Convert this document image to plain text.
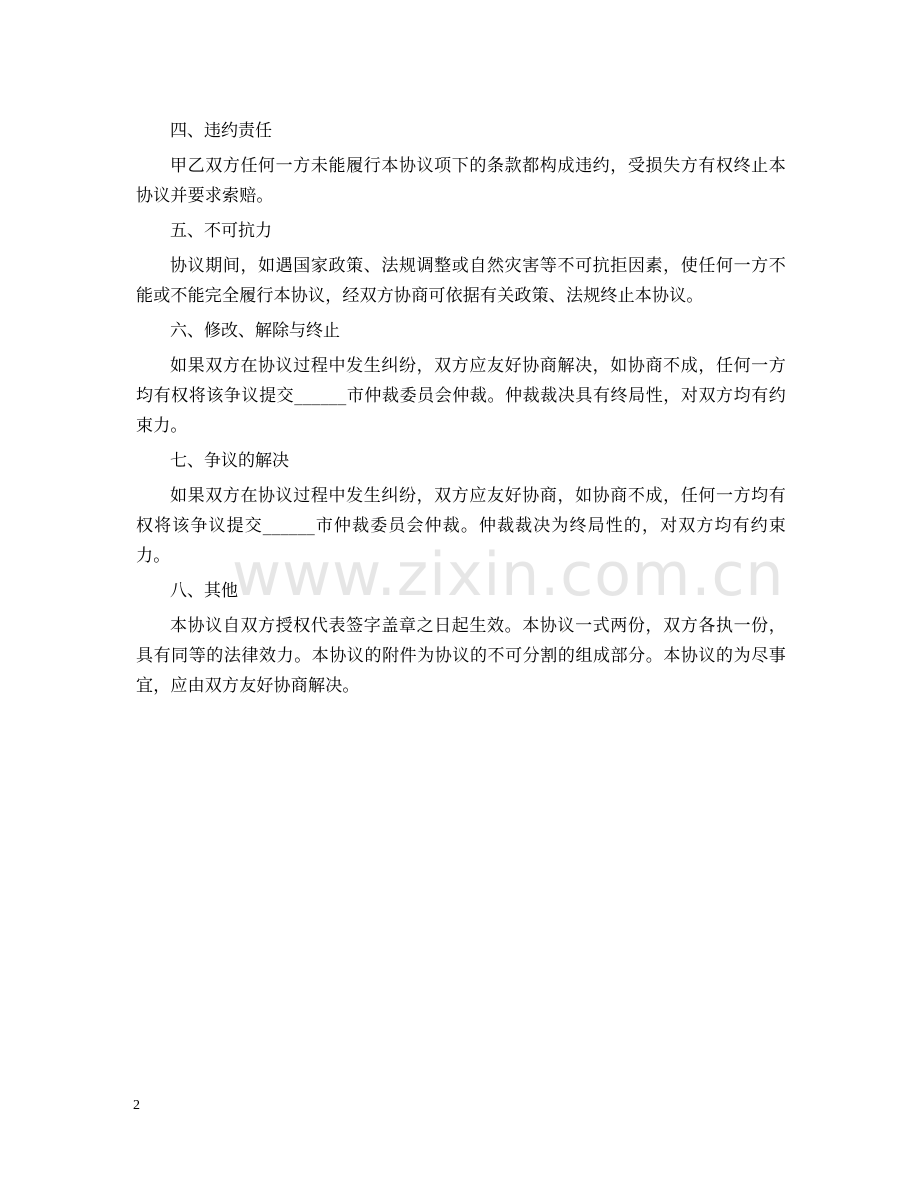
四、违约责任

甲乙双方任何一方未能履行本协议项下的条款都构成违约，受损失方有权终止本协议并要求索赔。

五、不可抗力

协议期间，如遇国家政策、法规调整或自然灾害等不可抗拒因素，使任何一方不能或不能完全履行本协议，经双方协商可依据有关政策、法规终止本协议。

六、修改、解除与终止

如果双方在协议过程中发生纠纷，双方应友好协商解决，如协商不成，任何一方均有权将该争议提交______市仲裁委员会仲裁。仲裁裁决具有终局性，对双方均有约束力。

七、争议的解决

如果双方在协议过程中发生纠纷，双方应友好协商，如协商不成，任何一方均有权将该争议提交______市仲裁委员会仲裁。仲裁裁决为终局性的，对双方均有约束力。

八、其他

本协议自双方授权代表签字盖章之日起生效。本协议一式两份，双方各执一份，具有同等的法律效力。本协议的附件为协议的不可分割的组成部分。本协议的为尽事宜，应由双方友好协商解决。

www.zixin.com.cn
2
